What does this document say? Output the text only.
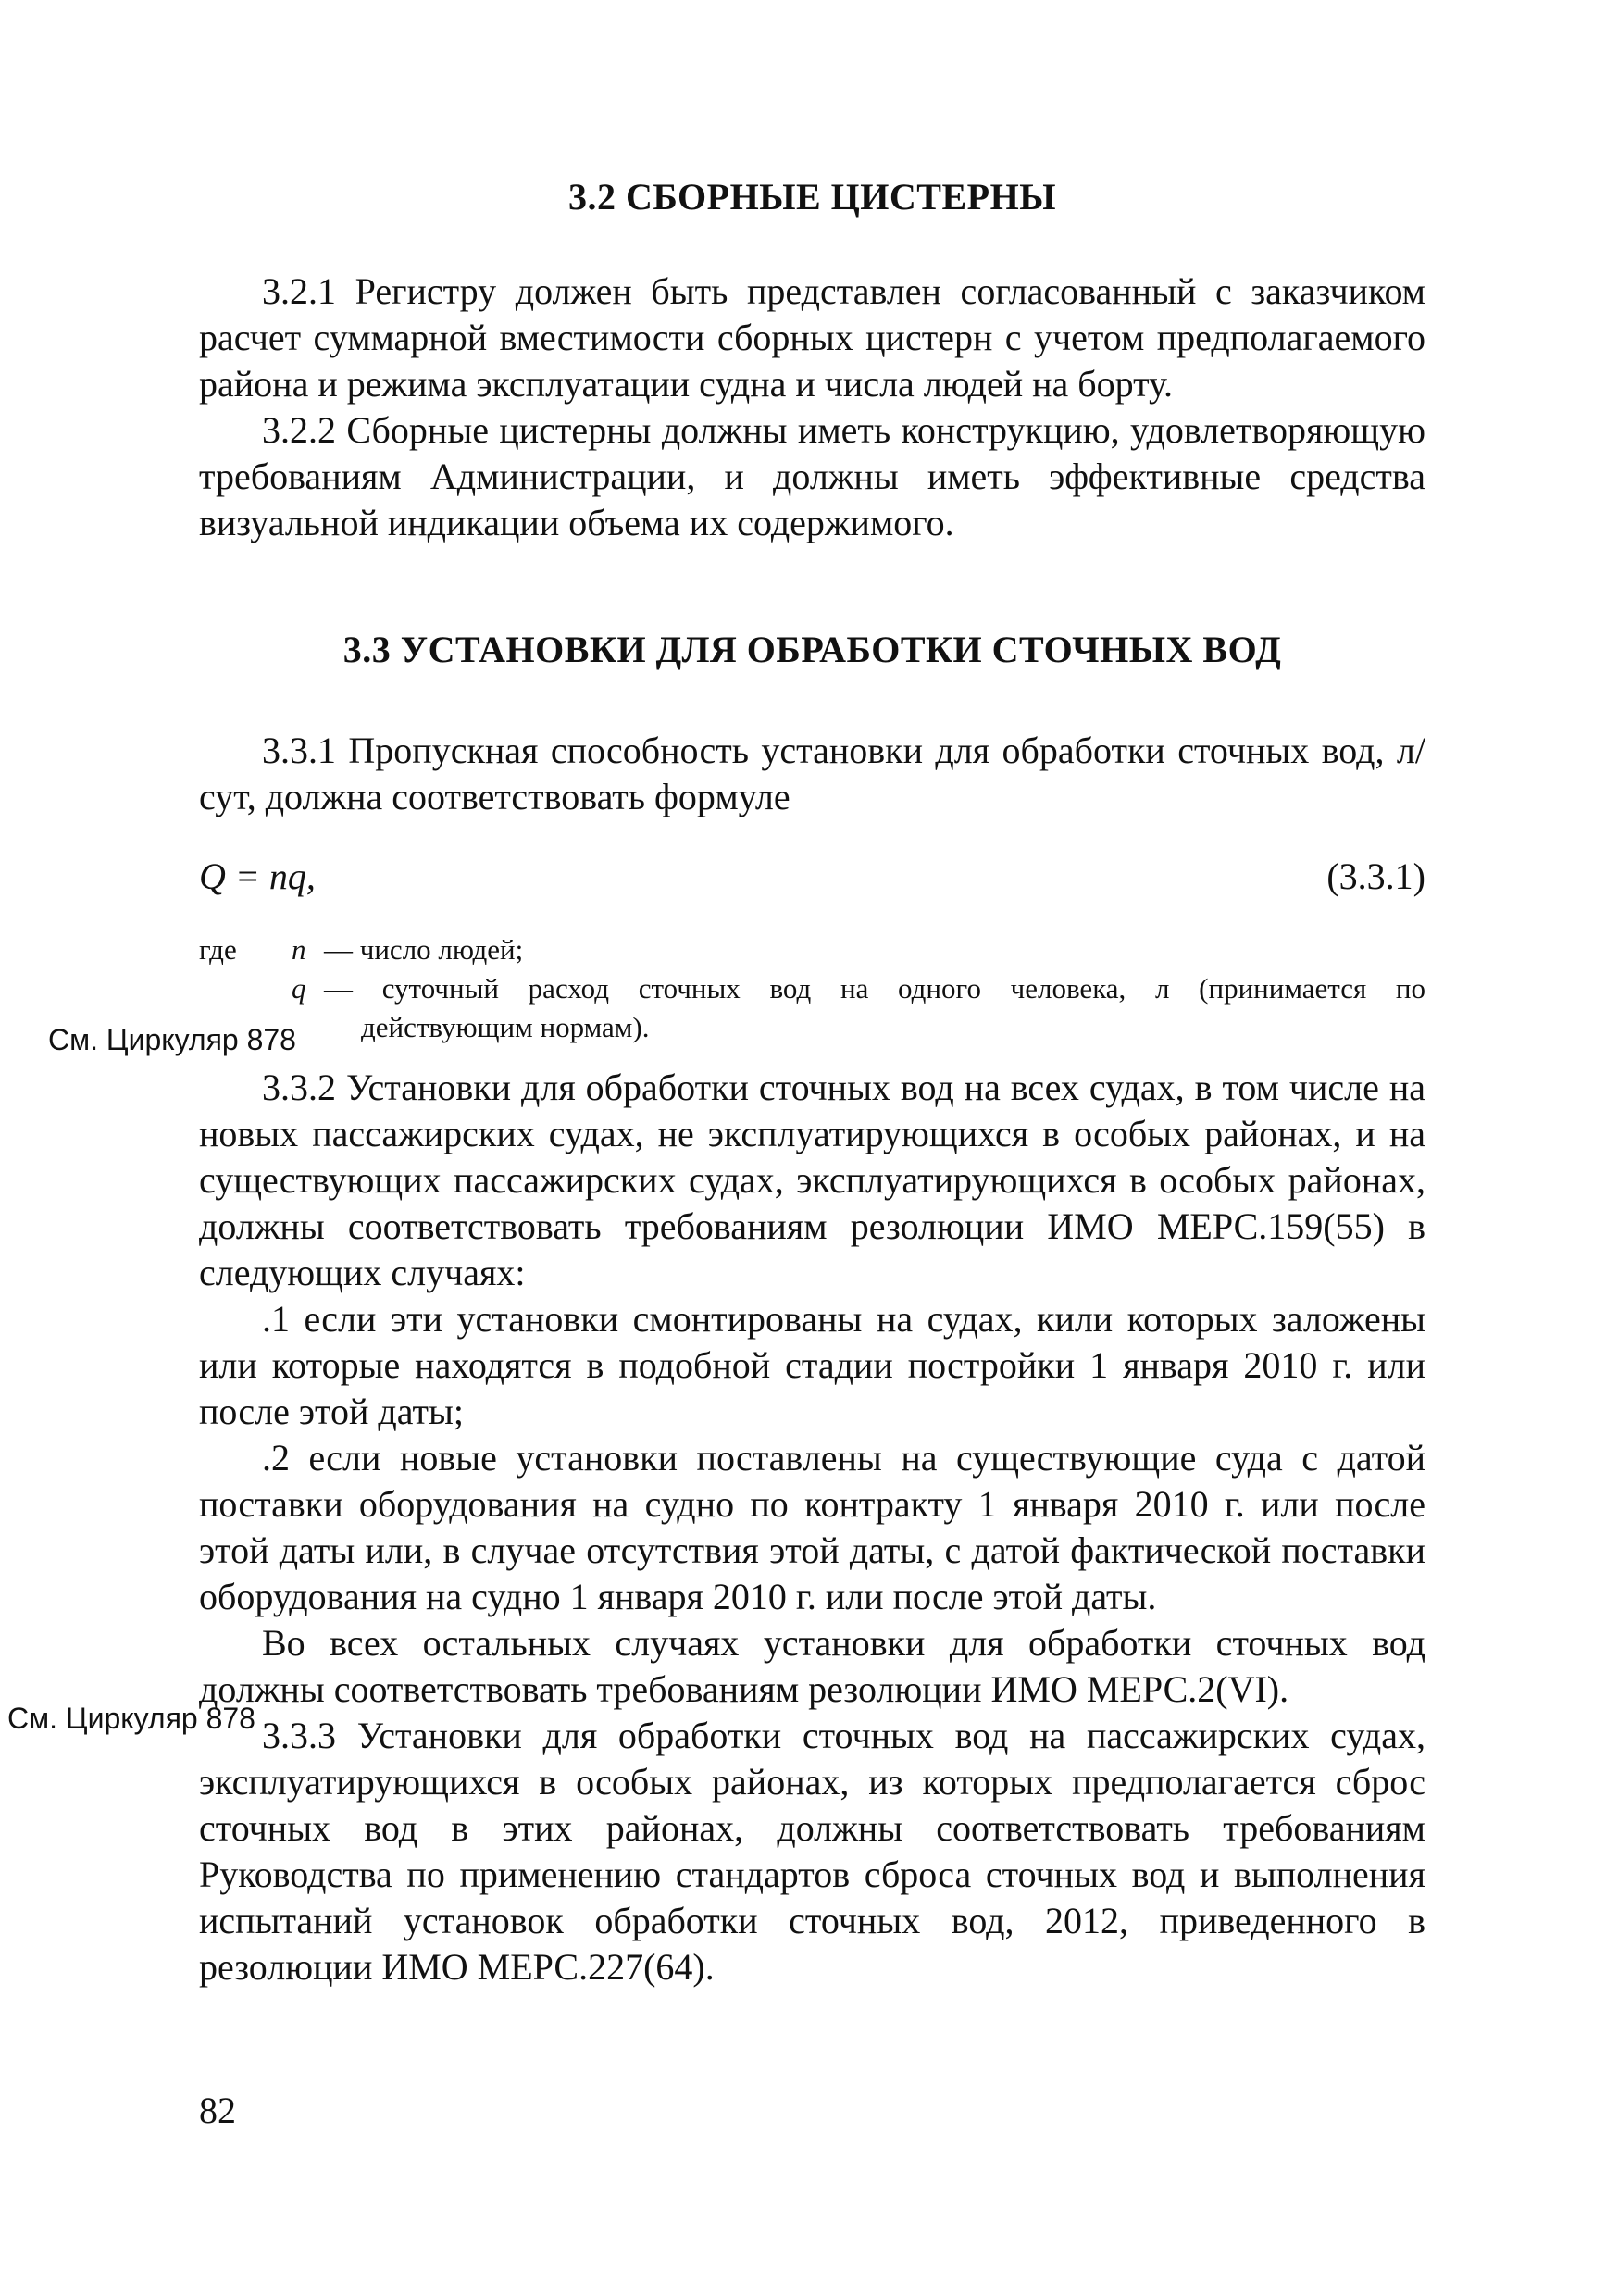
3.2 СБОРНЫЕ ЦИСТЕРНЫ

3.2.1 Регистру должен быть представлен согласованный с заказчиком расчет суммарной вместимости сборных цистерн с учетом предполагаемого района и режима эксплуатации судна и числа людей на борту.

3.2.2 Сборные цистерны должны иметь конструкцию, удовлетворяющую требованиям Администрации, и должны иметь эффективные средства визуальной индикации объема их содержимого.

3.3 УСТАНОВКИ ДЛЯ ОБРАБОТКИ СТОЧНЫХ ВОД

3.3.1 Пропускная способность установки для обработки сточных вод, л/сут, должна соответствовать формуле

Q = nq,	(3.3.1)
где n — число людей;
q — суточный расход сточных вод на одного человека, л (принимается по
действующим нормам).
См. Циркуляр 878

3.3.2 Установки для обработки сточных вод на всех судах, в том числе на новых пассажирских судах, не эксплуатирующихся в особых районах, и на существующих пассажирских судах, эксплуатирующихся в особых районах, должны соответствовать требованиям резолюции ИМО МЕРС.159(55) в следующих случаях:

.1 если эти установки смонтированы на судах, кили которых заложены или которые находятся в подобной стадии постройки 1 января 2010 г. или после этой даты;

.2 если новые установки поставлены на существующие суда с датой поставки оборудования на судно по контракту 1 января 2010 г. или после этой даты или, в случае отсутствия этой даты, с датой фактической поставки оборудования на судно 1 января 2010 г. или после этой даты.

Во всех остальных случаях установки для обработки сточных вод должны соответствовать требованиям резолюции ИМО МЕРС.2(VI).

См. Циркуляр 878 3.3.3 Установки для обработки сточных вод на пассажирских судах, эксплуатирующихся в особых районах, из которых предполагается сброс сточных вод в этих районах, должны соответствовать требованиям Руководства по применению стандартов сброса сточных вод и выполнения испытаний установок обработки сточных вод, 2012, приведенного в резолюции ИМО МЕРС.227(64).

82
